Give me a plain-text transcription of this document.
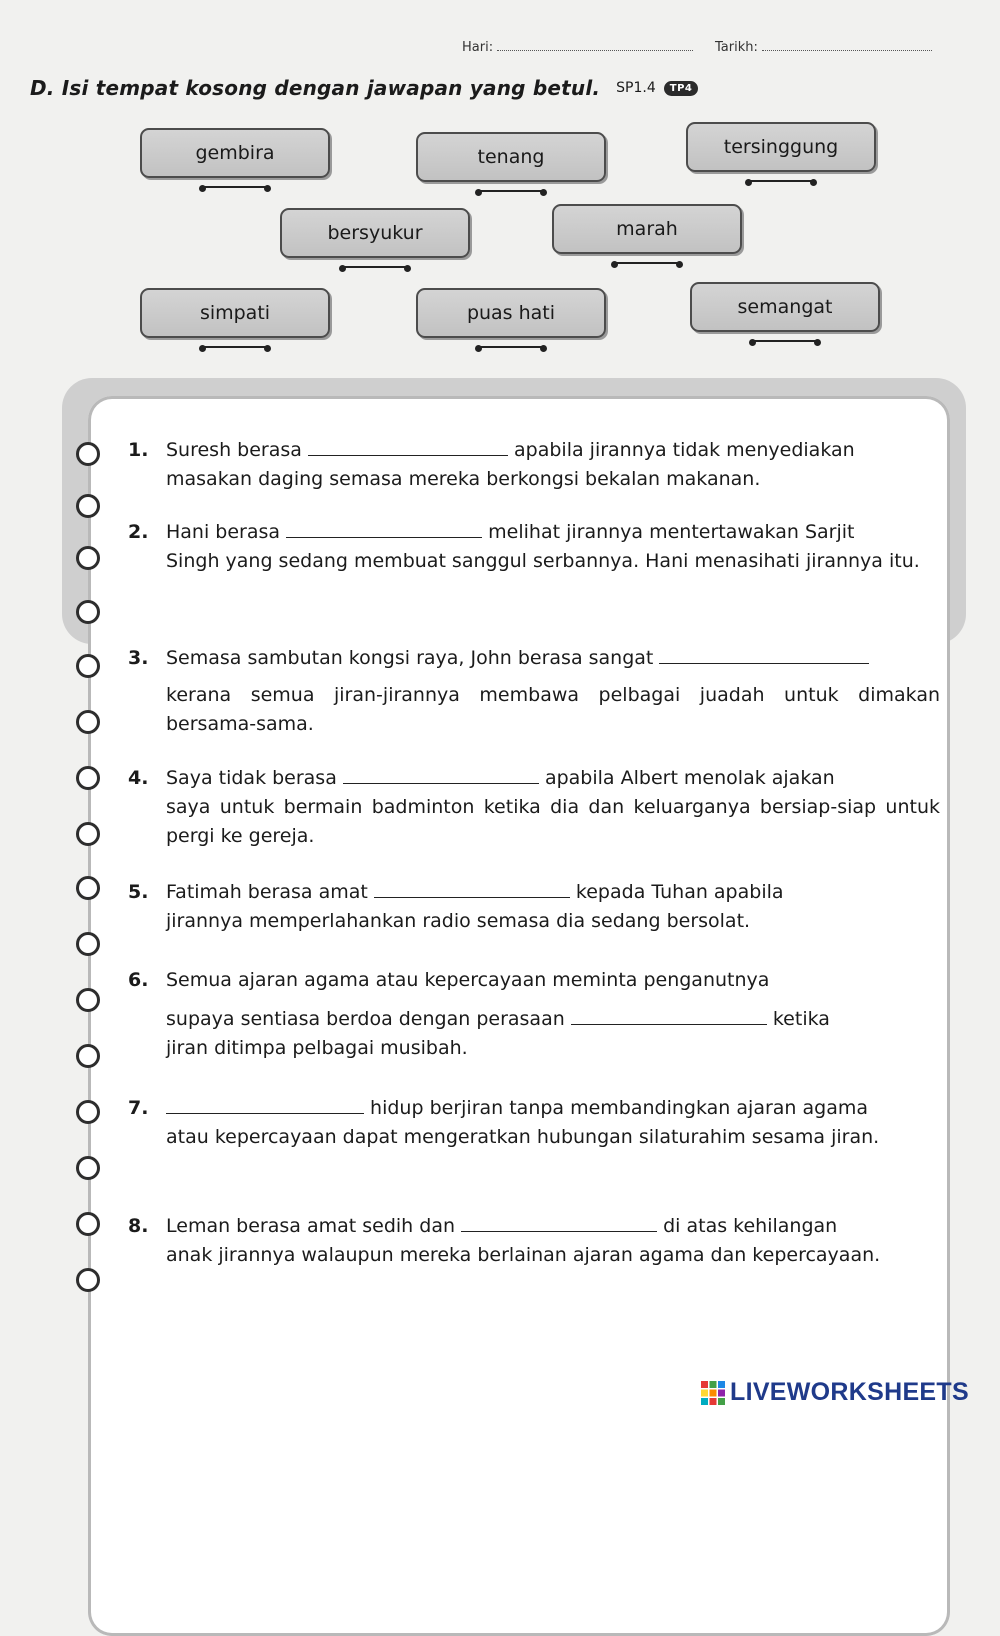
Hari:	Tarikh:
D. Isi tempat kosong dengan jawapan yang betul. SP1.4	TP4
gembira	tenang	tersinggung
bersyukur	marah
simpati	puas hati	semangat
1. Suresh berasa	apabila jirannya tidak menyediakan
masakan daging semasa mereka berkongsi bekalan makanan.
2. Hani berasa	melihat jirannya mentertawakan Sarjit
Singh yang sedang membuat sanggul serbannya. Hani menasihati jirannya itu.
3. Semasa sambutan kongsi raya, John berasa sangat
kerana semua jiran-jirannya membawa pelbagai juadah untuk dimakan bersama-sama.
4. Saya tidak berasa	apabila Albert menolak ajakan
saya untuk bermain badminton ketika dia dan keluarganya bersiap-siap untuk pergi ke gereja.
5. Fatimah berasa amat	kepada Tuhan apabila
jirannya memperlahankan radio semasa dia sedang bersolat.
6. Semua ajaran agama atau kepercayaan meminta penganutnya
supaya sentiasa berdoa dengan perasaan	ketika
jiran ditimpa pelbagai musibah.
7.	hidup berjiran tanpa membandingkan ajaran agama
atau kepercayaan dapat mengeratkan hubungan silaturahim sesama jiran.
8. Leman berasa amat sedih dan	di atas kehilangan
anak jirannya walaupun mereka berlainan ajaran agama dan kepercayaan.
LIVEWORKSHEETS
